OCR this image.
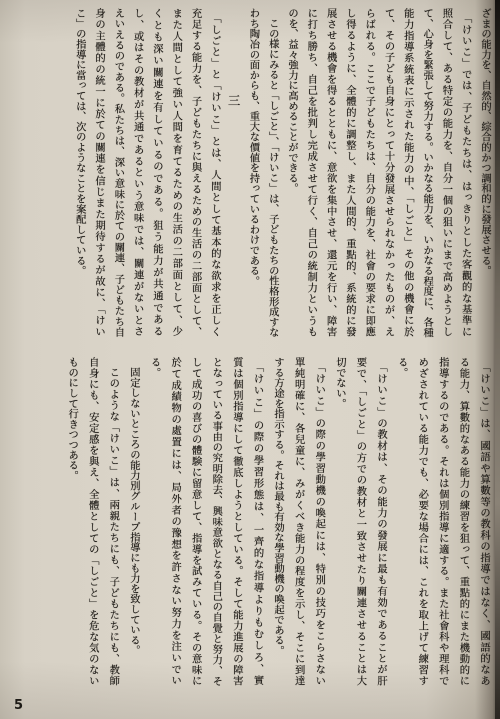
ざまの能力を、自然的、綜合的かつ調和的に發展させる。

「けいこ」では、子どもたちは、はっきりとした客觀的な基準に

照合して、ある特定の能力を、自分一個の狙いにまで高めようとし

て、心身を緊張して努力する。いかなる能力を、いかなる程度に、各種

能力指導系統表に示された能力の中、「しごと」その他の機會に於

て、その子ども自身にとって十分發展させられなかったものが、え

らばれる。ここで子どもたちは、自分の能力を、社會の要求に即應

し得るように、全體的に調整し、また人間的、重點的、系統的に發

展させる機會を得るとともに、意欲を集中させ、還元を行い、障害

に打ち勝ち、自己を批判し完成させて行く、自己の統制力というも

のを、益々強力に高めることができる。

この様にみると「しごと」、「けいこ」は、子どもたちの性格形成すな

わち陶冶の面からも、重大な價値を持っているわけである。

三

「しごと」と「けいこ」とは、人間として基本的な欲求を正しく

充足する能力を、子どもたちに與えるための生活の二部面として、

また人間として強い人間を育てるための生活の二部面として、少

くとも深い關連を有しているのである。狙う能力が共通である

し、或はその教材が共通であるという意味では、關連がないとさ

えいえるのである。私たちは、深い意味に於ての關連、子どもたち自

身の主體的の統一に於ての關連を信じまた期待するが故に、「けい

こ」の指導に當っては、次のようなことを案配している。

「けいこ」は、國語や算數等の教科の指導ではなく、國語的なあ

る能力、算數的なある能力の練習を狙って、重點的にまた機動的に

指導するのである。それは個別指導に適する。また社會科や理科で

めざされている能力でも、必要な場合には、これを取上げて練習す

る。

「けいこ」の教材は、その能力の發展に最も有効であることが肝

要で、「しごと」の方での教材と一致させたり關連させることは大

切でない。

「けいこ」の際の學習動機の喚起には、特別の技巧をこらさない

單純明確に、各兒童に、みがくべき能力の程度を示し、そこに到達

する方途を指示する。それは最も有効な學習動機の喚起である。

「けいこ」の際の學習形態は、一齊的な指導よりもむしろ、實

質は個別指導にして徹底しようとしている。そして能力進展の障害

となっている事由の究明除去、興味意欲となる自己の自覺と努力、そ

して成功の喜びの體験に留意して、指導を試みている。その意味に

於て成績物の處置には、局外者の豫想を許さない努力を注いでい

る。

固定しないところの能力別グループ指導にも力を致している。

このような「けいこ」は、兩親たちにも、子どもたちにも、教師

自身にも、安定感を與え、全體としての「しごと」を危な気のない

ものにして行きつつある。

5
